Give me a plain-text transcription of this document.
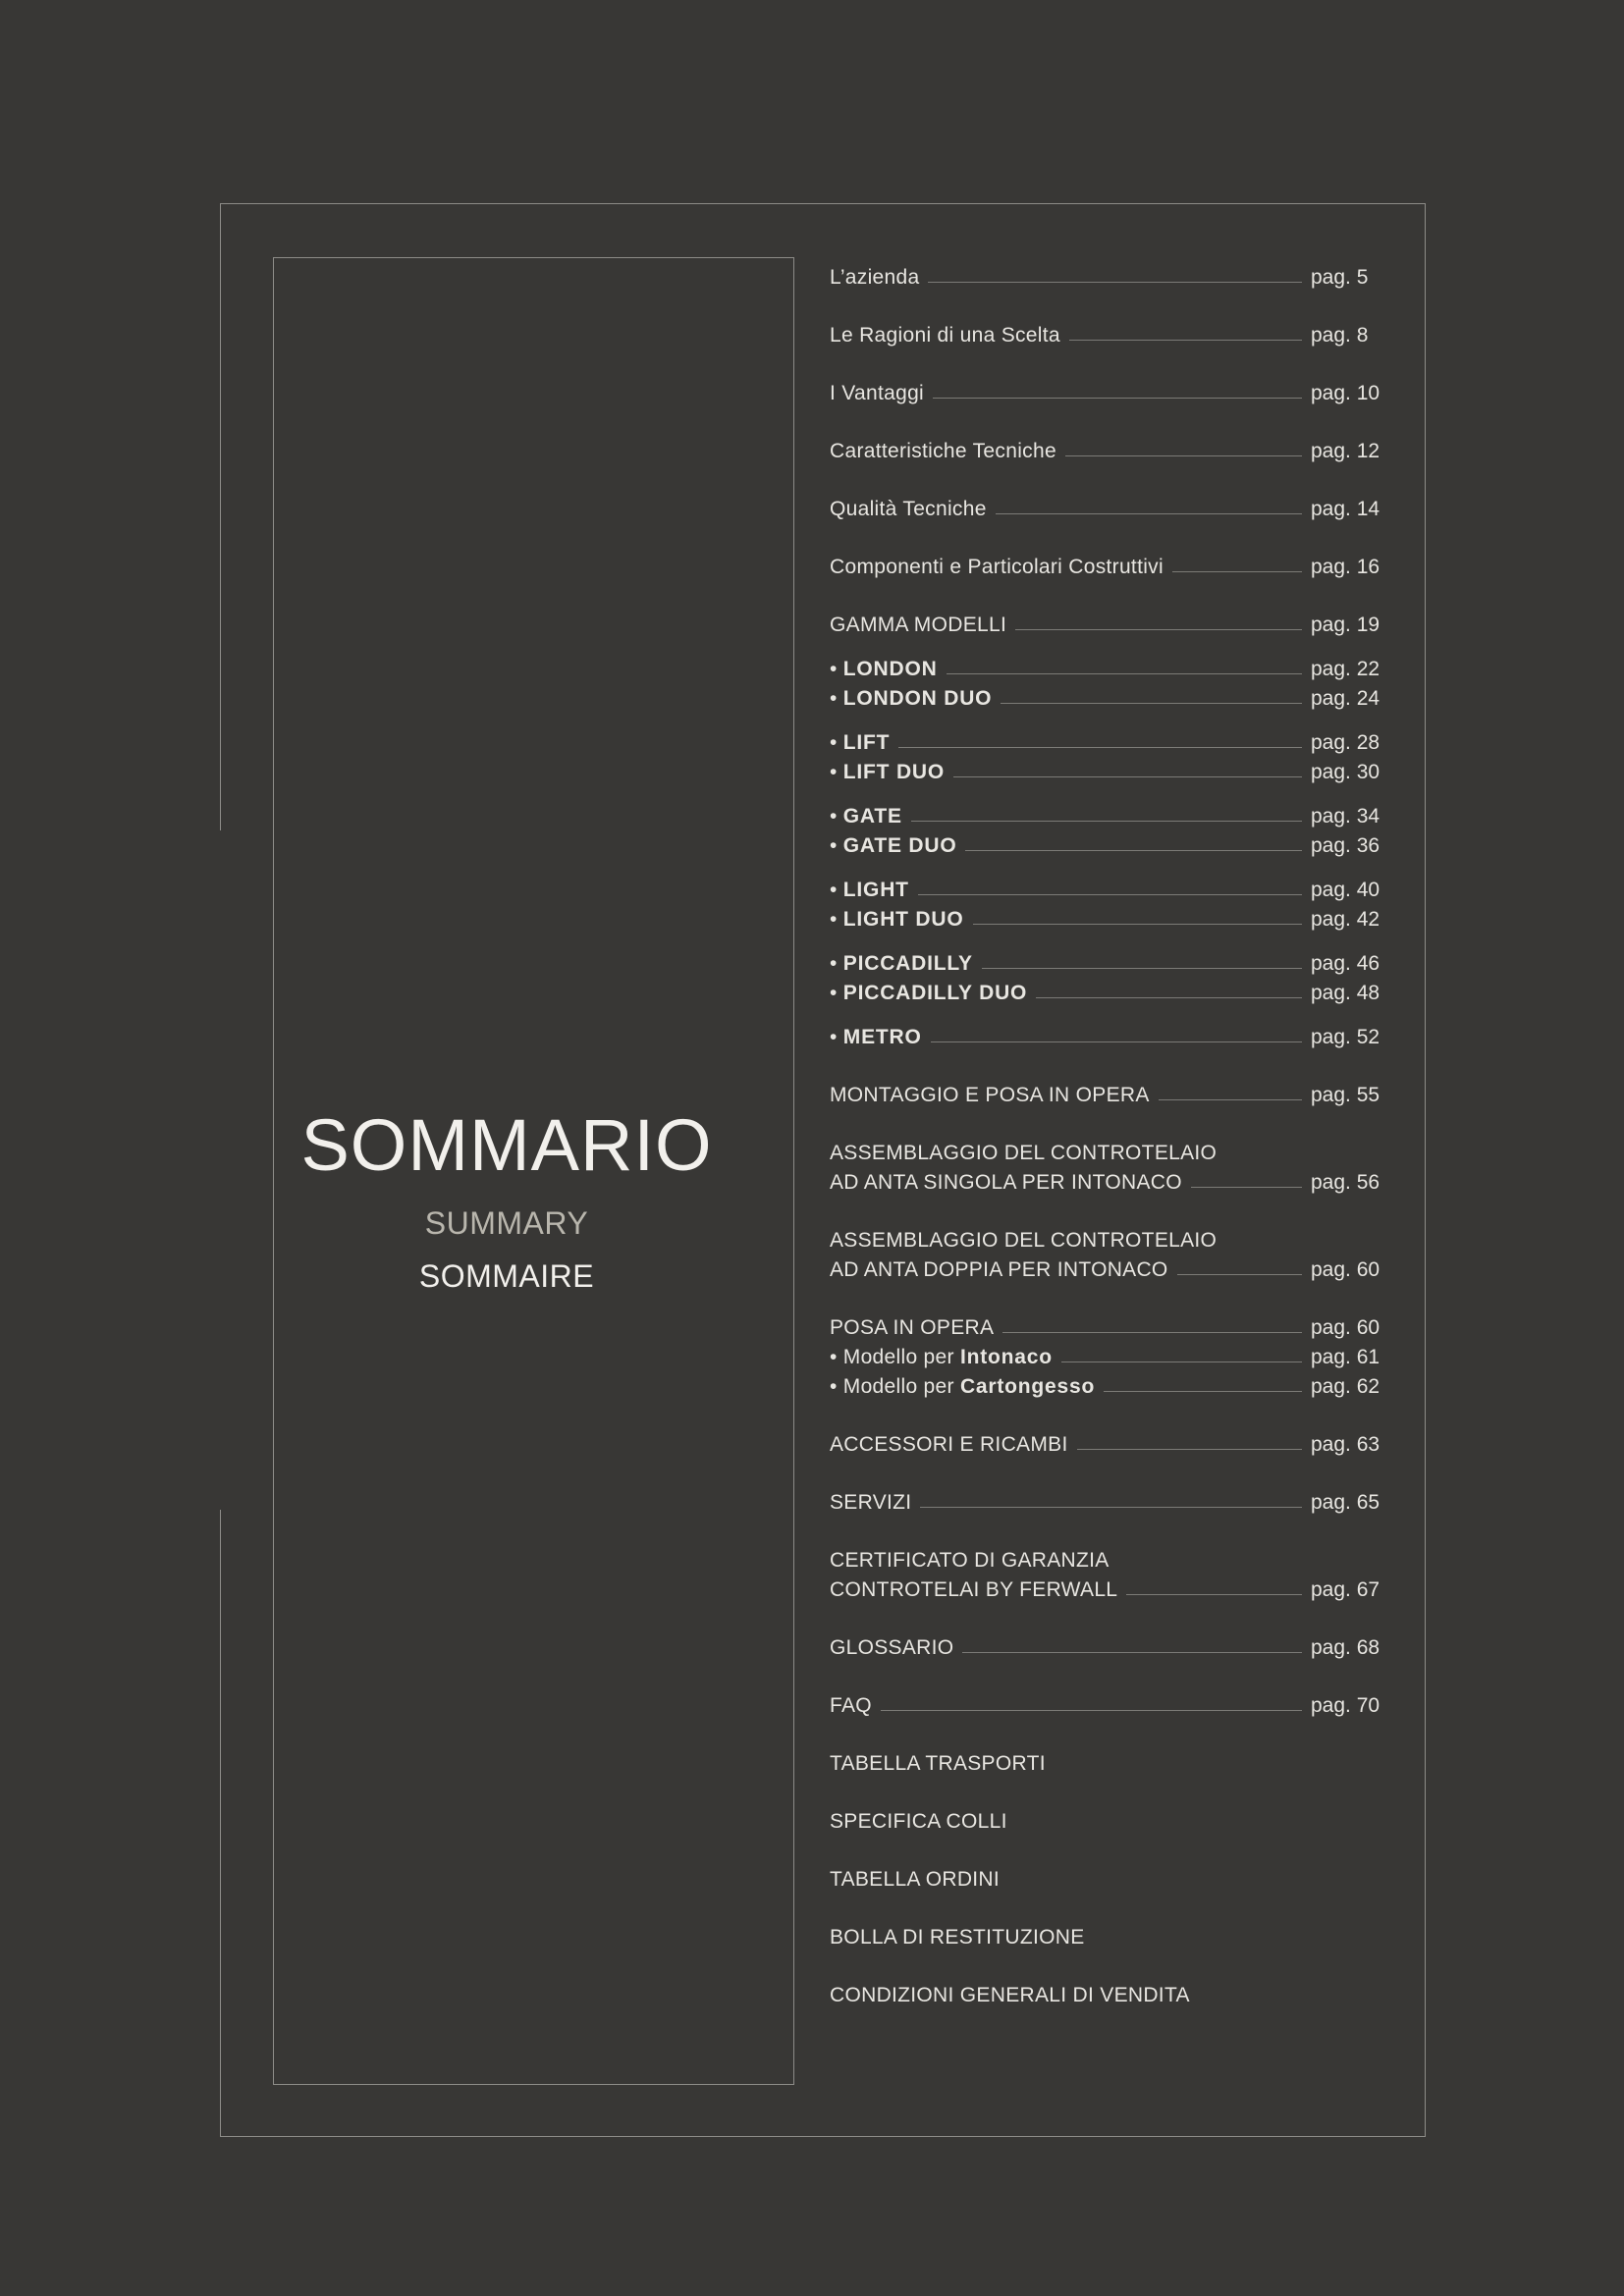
SOMMARIO
SUMMARY
SOMMAIRE
L’azienda	pag. 5
Le Ragioni di una Scelta	pag. 8
I Vantaggi	pag. 10
Caratteristiche Tecniche	pag. 12
Qualità Tecniche	pag. 14
Componenti e Particolari Costruttivi	pag. 16
GAMMA MODELLI	pag. 19
• LONDON	pag. 22
• LONDON DUO	pag. 24
• LIFT	pag. 28
• LIFT DUO	pag. 30
• GATE	pag. 34
• GATE DUO	pag. 36
• LIGHT	pag. 40
• LIGHT DUO	pag. 42
• PICCADILLY	pag. 46
• PICCADILLY DUO	pag. 48
• METRO	pag. 52
MONTAGGIO E POSA IN OPERA	pag. 55
ASSEMBLAGGIO DEL CONTROTELAIO
AD ANTA SINGOLA PER INTONACO	pag. 56
ASSEMBLAGGIO DEL CONTROTELAIO
AD ANTA DOPPIA PER INTONACO	pag. 60
POSA IN OPERA	pag. 60
• Modello per Intonaco	pag. 61
• Modello per Cartongesso	pag. 62
ACCESSORI E RICAMBI	pag. 63
SERVIZI	pag. 65
CERTIFICATO DI GARANZIA
CONTROTELAI BY FERWALL	pag. 67
GLOSSARIO	pag. 68
FAQ	pag. 70
TABELLA TRASPORTI
SPECIFICA COLLI
TABELLA ORDINI
BOLLA DI RESTITUZIONE
CONDIZIONI GENERALI DI VENDITA
